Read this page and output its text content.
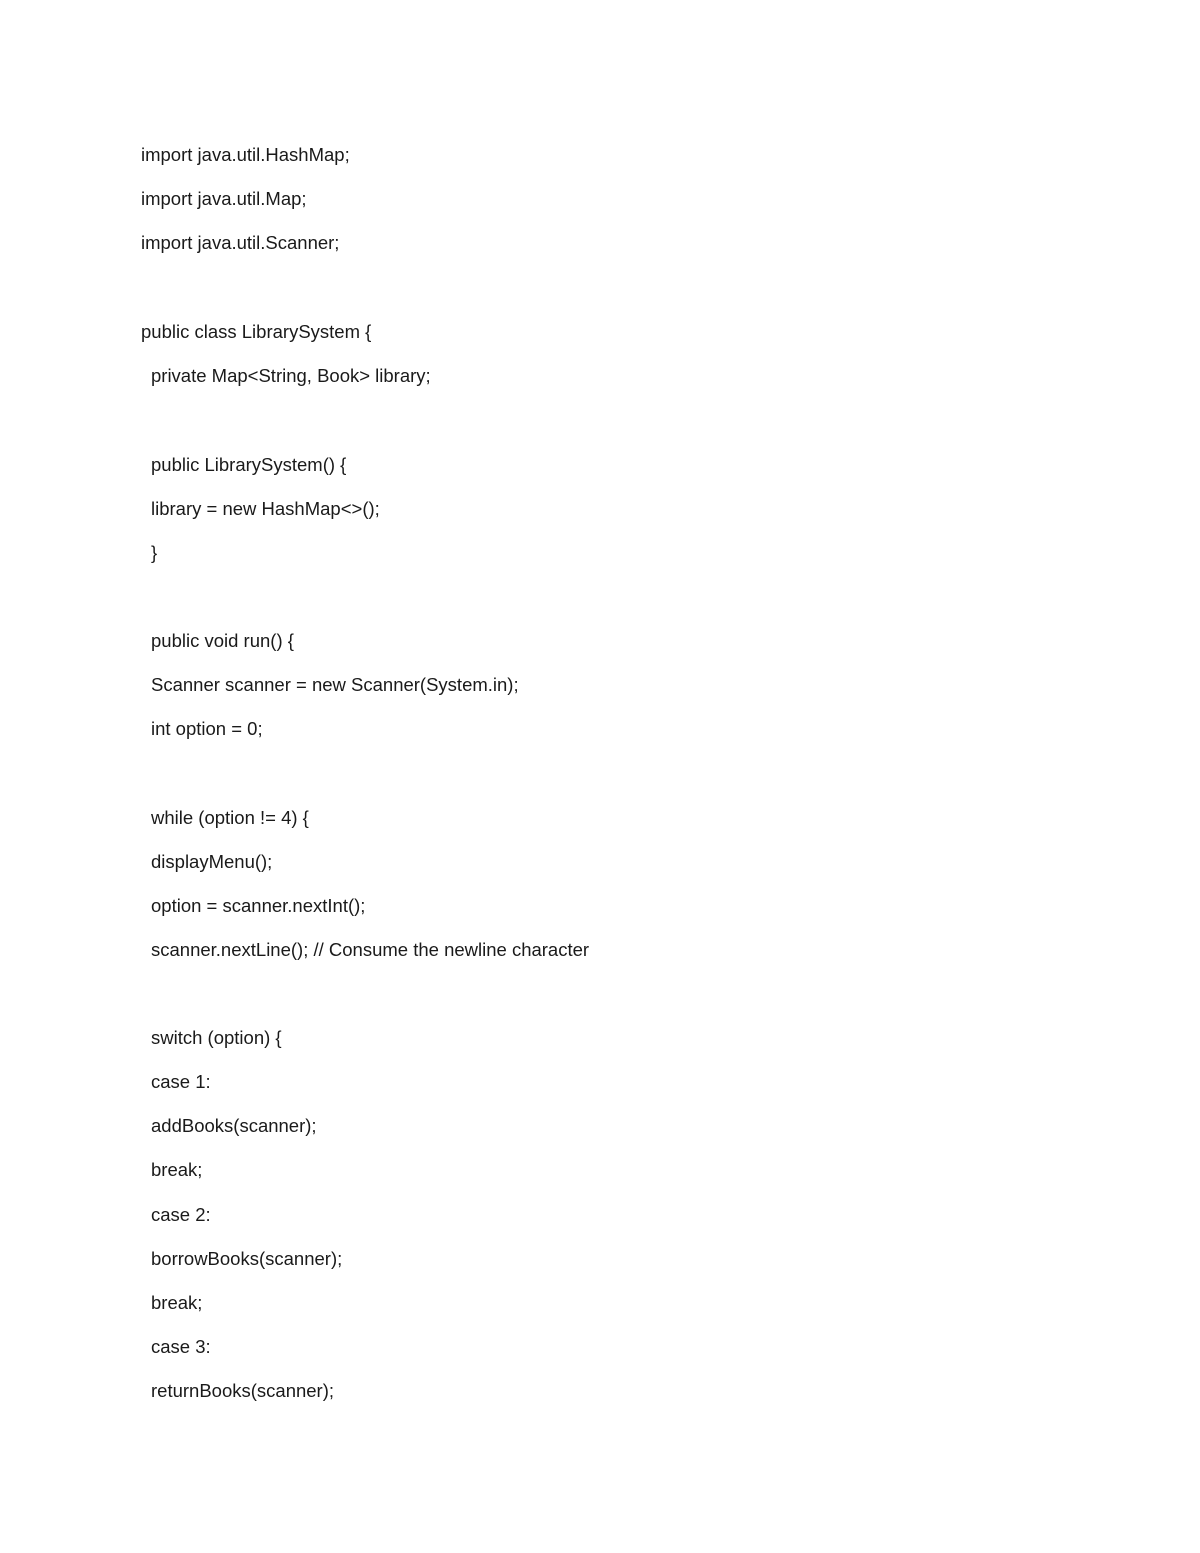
import java.util.HashMap;

import java.util.Map;

import java.util.Scanner;

public class LibrarySystem {

private Map<String, Book> library;

public LibrarySystem() {

library = new HashMap<>();

}

public void run() {

Scanner scanner = new Scanner(System.in);

int option = 0;

while (option != 4) {

displayMenu();

option = scanner.nextInt();

scanner.nextLine(); // Consume the newline character

switch (option) {

case 1:

addBooks(scanner);

break;

case 2:

borrowBooks(scanner);

break;

case 3:

returnBooks(scanner);
